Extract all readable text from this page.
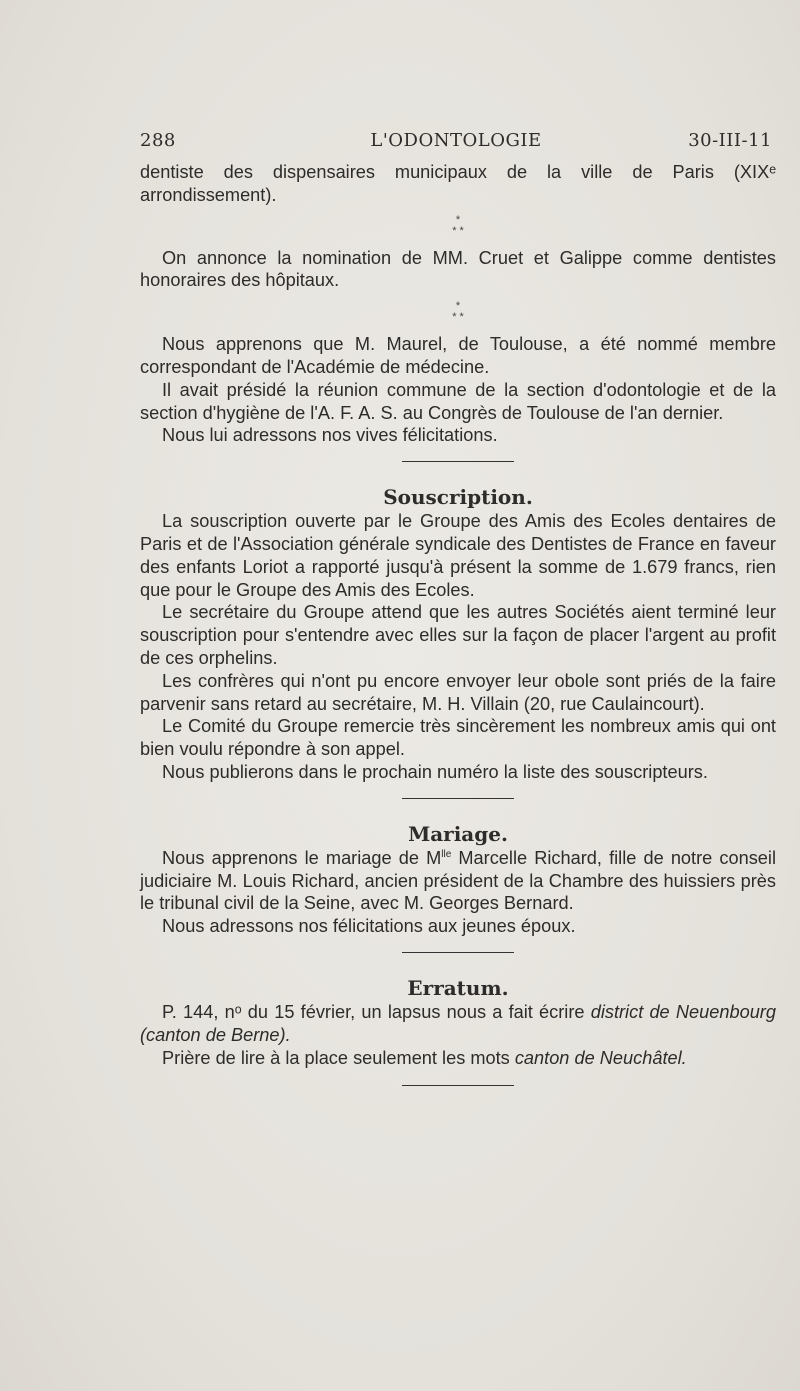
288	L'ODONTOLOGIE	30-III-11

dentiste des dispensaires municipaux de la ville de Paris (XIXᵉ arrondissement).

*
* *

On annonce la nomination de MM. Cruet et Galippe comme dentistes honoraires des hôpitaux.

*
* *

Nous apprenons que M. Maurel, de Toulouse, a été nommé membre correspondant de l'Académie de médecine.

Il avait présidé la réunion commune de la section d'odontologie et de la section d'hygiène de l'A. F. A. S. au Congrès de Toulouse de l'an dernier.

Nous lui adressons nos vives félicitations.

Souscription.

La souscription ouverte par le Groupe des Amis des Ecoles dentaires de Paris et de l'Association générale syndicale des Dentistes de France en faveur des enfants Loriot a rapporté jusqu'à présent la somme de 1.679 francs, rien que pour le Groupe des Amis des Ecoles.

Le secrétaire du Groupe attend que les autres Sociétés aient terminé leur souscription pour s'entendre avec elles sur la façon de placer l'argent au profit de ces orphelins.

Les confrères qui n'ont pu encore envoyer leur obole sont priés de la faire parvenir sans retard au secrétaire, M. H. Villain (20, rue Caulaincourt).

Le Comité du Groupe remercie très sincèrement les nombreux amis qui ont bien voulu répondre à son appel.

Nous publierons dans le prochain numéro la liste des souscripteurs.

Mariage.

Nous apprenons le mariage de $M^{lle}$ Marcelle Richard, fille de notre conseil judiciaire M. Louis Richard, ancien président de la Chambre des huissiers près le tribunal civil de la Seine, avec M. Georges Bernard.

Nous adressons nos félicitations aux jeunes époux.

Erratum.

P. 144, nᵒ du 15 février, un lapsus nous a fait écrire district de Neuenbourg (canton de Berne).

Prière de lire à la place seulement les mots canton de Neuchâtel.
